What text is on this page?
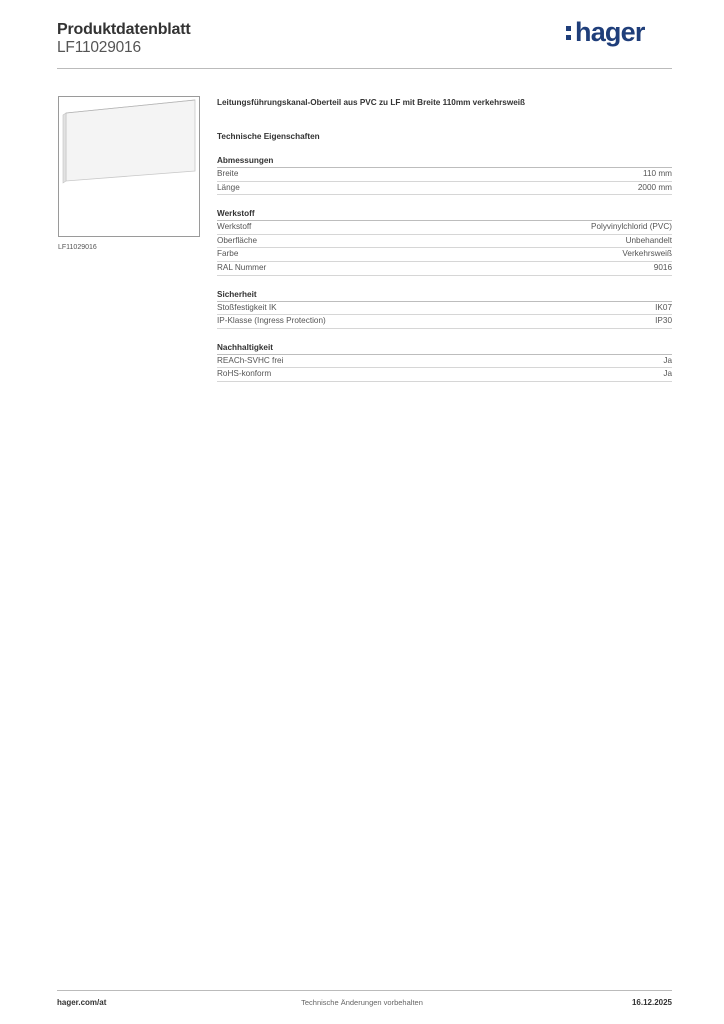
Produktdatenblatt
LF11029016
hager
LF11029016

Leitungsführungskanal-Oberteil aus PVC zu LF mit Breite 110mm verkehrsweiß

Technische Eigenschaften

Abmessungen
Breite	110 mm
Länge	2000 mm
Werkstoff
Werkstoff	Polyvinylchlorid (PVC)
Oberfläche	Unbehandelt
Farbe	Verkehrsweiß
RAL Nummer	9016
Sicherheit
Stoßfestigkeit IK	IK07
IP-Klasse (Ingress Protection)	IP30
Nachhaltigkeit
REACh-SVHC frei	Ja
RoHS-konform	Ja
hager.com/at	Technische Änderungen vorbehalten	16.12.2025
